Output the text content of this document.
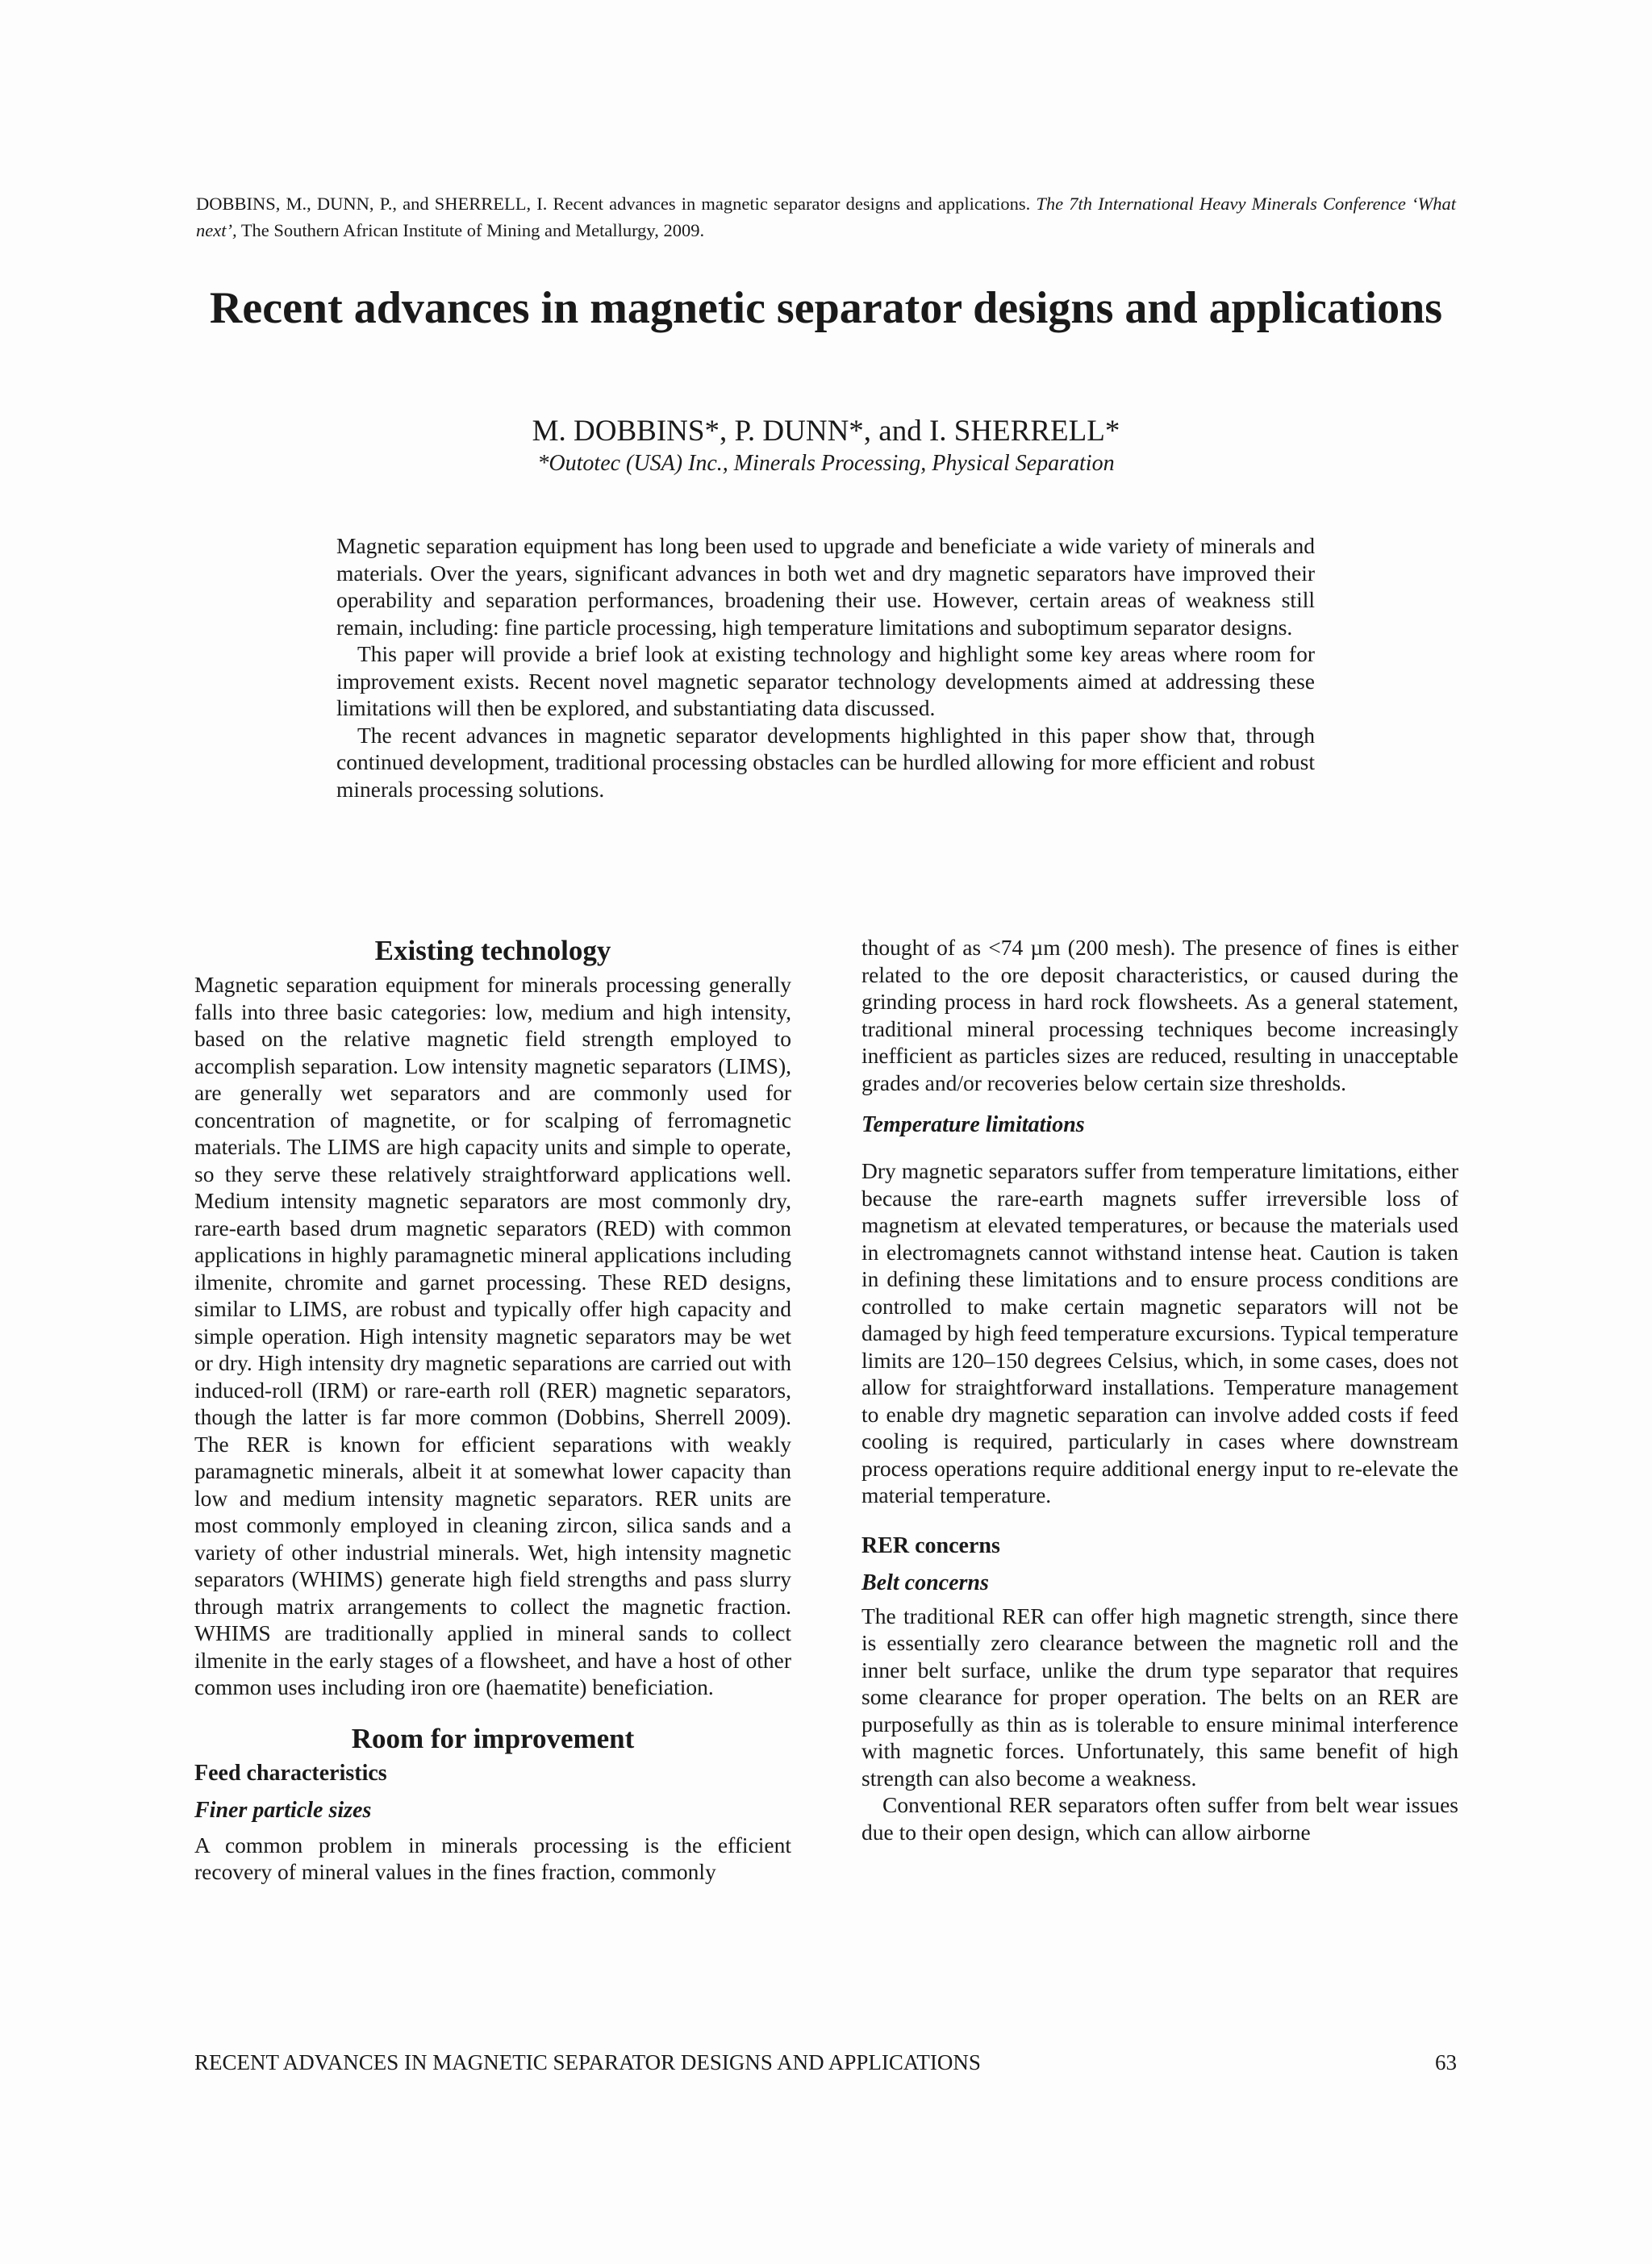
DOBBINS, M., DUNN, P., and SHERRELL, I. Recent advances in magnetic separator designs and applications. The 7th International Heavy Minerals Conference ‘What next’, The Southern African Institute of Mining and Metallurgy, 2009.
Recent advances in magnetic separator designs and applications
M. DOBBINS*, P. DUNN*, and I. SHERRELL*
*Outotec (USA) Inc., Minerals Processing, Physical Separation

Magnetic separation equipment has long been used to upgrade and beneficiate a wide variety of minerals and materials. Over the years, significant advances in both wet and dry magnetic separators have improved their operability and separation performances, broadening their use. However, certain areas of weakness still remain, including: fine particle processing, high temperature limitations and suboptimum separator designs.

This paper will provide a brief look at existing technology and highlight some key areas where room for improvement exists. Recent novel magnetic separator technology developments aimed at addressing these limitations will then be explored, and substantiating data discussed.

The recent advances in magnetic separator developments highlighted in this paper show that, through continued development, traditional processing obstacles can be hurdled allowing for more efficient and robust minerals processing solutions.

Existing technology

Magnetic separation equipment for minerals processing generally falls into three basic categories: low, medium and high intensity, based on the relative magnetic field strength employed to accomplish separation. Low intensity magnetic separators (LIMS), are generally wet separators and are commonly used for concentration of magnetite, or for scalping of ferromagnetic materials. The LIMS are high capacity units and simple to operate, so they serve these relatively straightforward applications well. Medium intensity magnetic separators are most commonly dry, rare-earth based drum magnetic separators (RED) with common applications in highly paramagnetic mineral applications including ilmenite, chromite and garnet processing. These RED designs, similar to LIMS, are robust and typically offer high capacity and simple operation. High intensity magnetic separators may be wet or dry. High intensity dry magnetic separations are carried out with induced-roll (IRM) or rare-earth roll (RER) magnetic separators, though the latter is far more common (Dobbins, Sherrell 2009). The RER is known for efficient separations with weakly paramagnetic minerals, albeit it at somewhat lower capacity than low and medium intensity magnetic separators. RER units are most commonly employed in cleaning zircon, silica sands and a variety of other industrial minerals. Wet, high intensity magnetic separators (WHIMS) generate high field strengths and pass slurry through matrix arrangements to collect the magnetic fraction. WHIMS are traditionally applied in mineral sands to collect ilmenite in the early stages of a flowsheet, and have a host of other common uses including iron ore (haematite) beneficiation.

Room for improvement
Feed characteristics
Finer particle sizes

A common problem in minerals processing is the efficient recovery of mineral values in the fines fraction, commonly

thought of as <74 µm (200 mesh). The presence of fines is either related to the ore deposit characteristics, or caused during the grinding process in hard rock flowsheets. As a general statement, traditional mineral processing techniques become increasingly inefficient as particles sizes are reduced, resulting in unacceptable grades and/or recoveries below certain size thresholds.

Temperature limitations

Dry magnetic separators suffer from temperature limitations, either because the rare-earth magnets suffer irreversible loss of magnetism at elevated temperatures, or because the materials used in electromagnets cannot withstand intense heat. Caution is taken in defining these limitations and to ensure process conditions are controlled to make certain magnetic separators will not be damaged by high feed temperature excursions. Typical temperature limits are 120–150 degrees Celsius, which, in some cases, does not allow for straightforward installations. Temperature management to enable dry magnetic separation can involve added costs if feed cooling is required, particularly in cases where downstream process operations require additional energy input to re-elevate the material temperature.

RER concerns
Belt concerns

The traditional RER can offer high magnetic strength, since there is essentially zero clearance between the magnetic roll and the inner belt surface, unlike the drum type separator that requires some clearance for proper operation. The belts on an RER are purposefully as thin as is tolerable to ensure minimal interference with magnetic forces. Unfortunately, this same benefit of high strength can also become a weakness.

Conventional RER separators often suffer from belt wear issues due to their open design, which can allow airborne

RECENT ADVANCES IN MAGNETIC SEPARATOR DESIGNS AND APPLICATIONS	63
